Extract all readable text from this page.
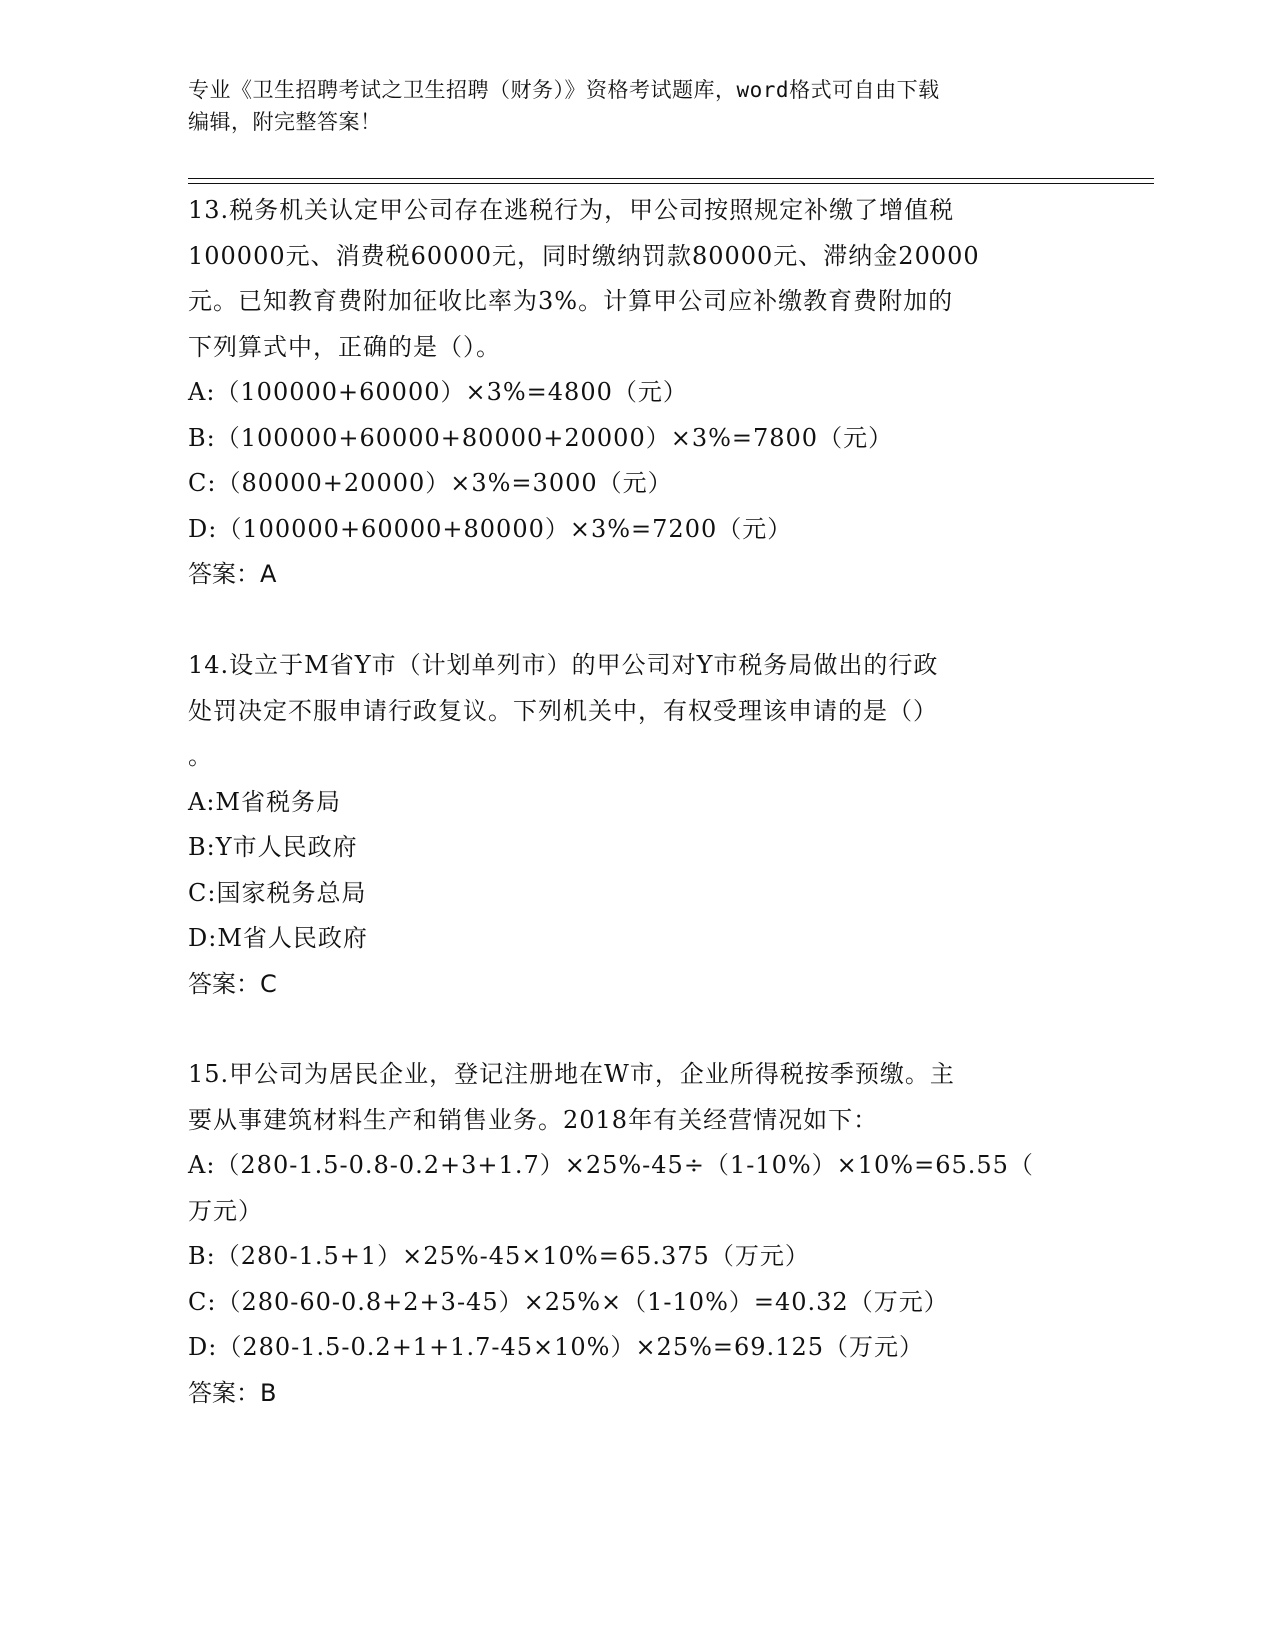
专业《卫生招聘考试之卫生招聘（财务）》资格考试题库，word格式可自由下载

编辑，附完整答案！

13.税务机关认定甲公司存在逃税行为，甲公司按照规定补缴了增值税
100000元、消费税60000元，同时缴纳罚款80000元、滞纳金20000
元。已知教育费附加征收比率为3%。计算甲公司应补缴教育费附加的
下列算式中，正确的是（）。
A:（100000+60000）×3%=4800（元）
B:（100000+60000+80000+20000）×3%=7800（元）
C:（80000+20000）×3%=3000（元）
D:（100000+60000+80000）×3%=7200（元）
答案：A
14.设立于M省Y市（计划单列市）的甲公司对Y市税务局做出的行政
处罚决定不服申请行政复议。下列机关中，有权受理该申请的是（）
。
A:M省税务局
B:Y市人民政府
C:国家税务总局
D:M省人民政府
答案：C
15.甲公司为居民企业，登记注册地在W市，企业所得税按季预缴。主
要从事建筑材料生产和销售业务。2018年有关经营情况如下：
A:（280-1.5-0.8-0.2+3+1.7）×25%-45÷（1-10%）×10%=65.55（
万元）
B:（280-1.5+1）×25%-45×10%=65.375（万元）
C:（280-60-0.8+2+3-45）×25%×（1-10%）=40.32（万元）
D:（280-1.5-0.2+1+1.7-45×10%）×25%=69.125（万元）
答案：B
